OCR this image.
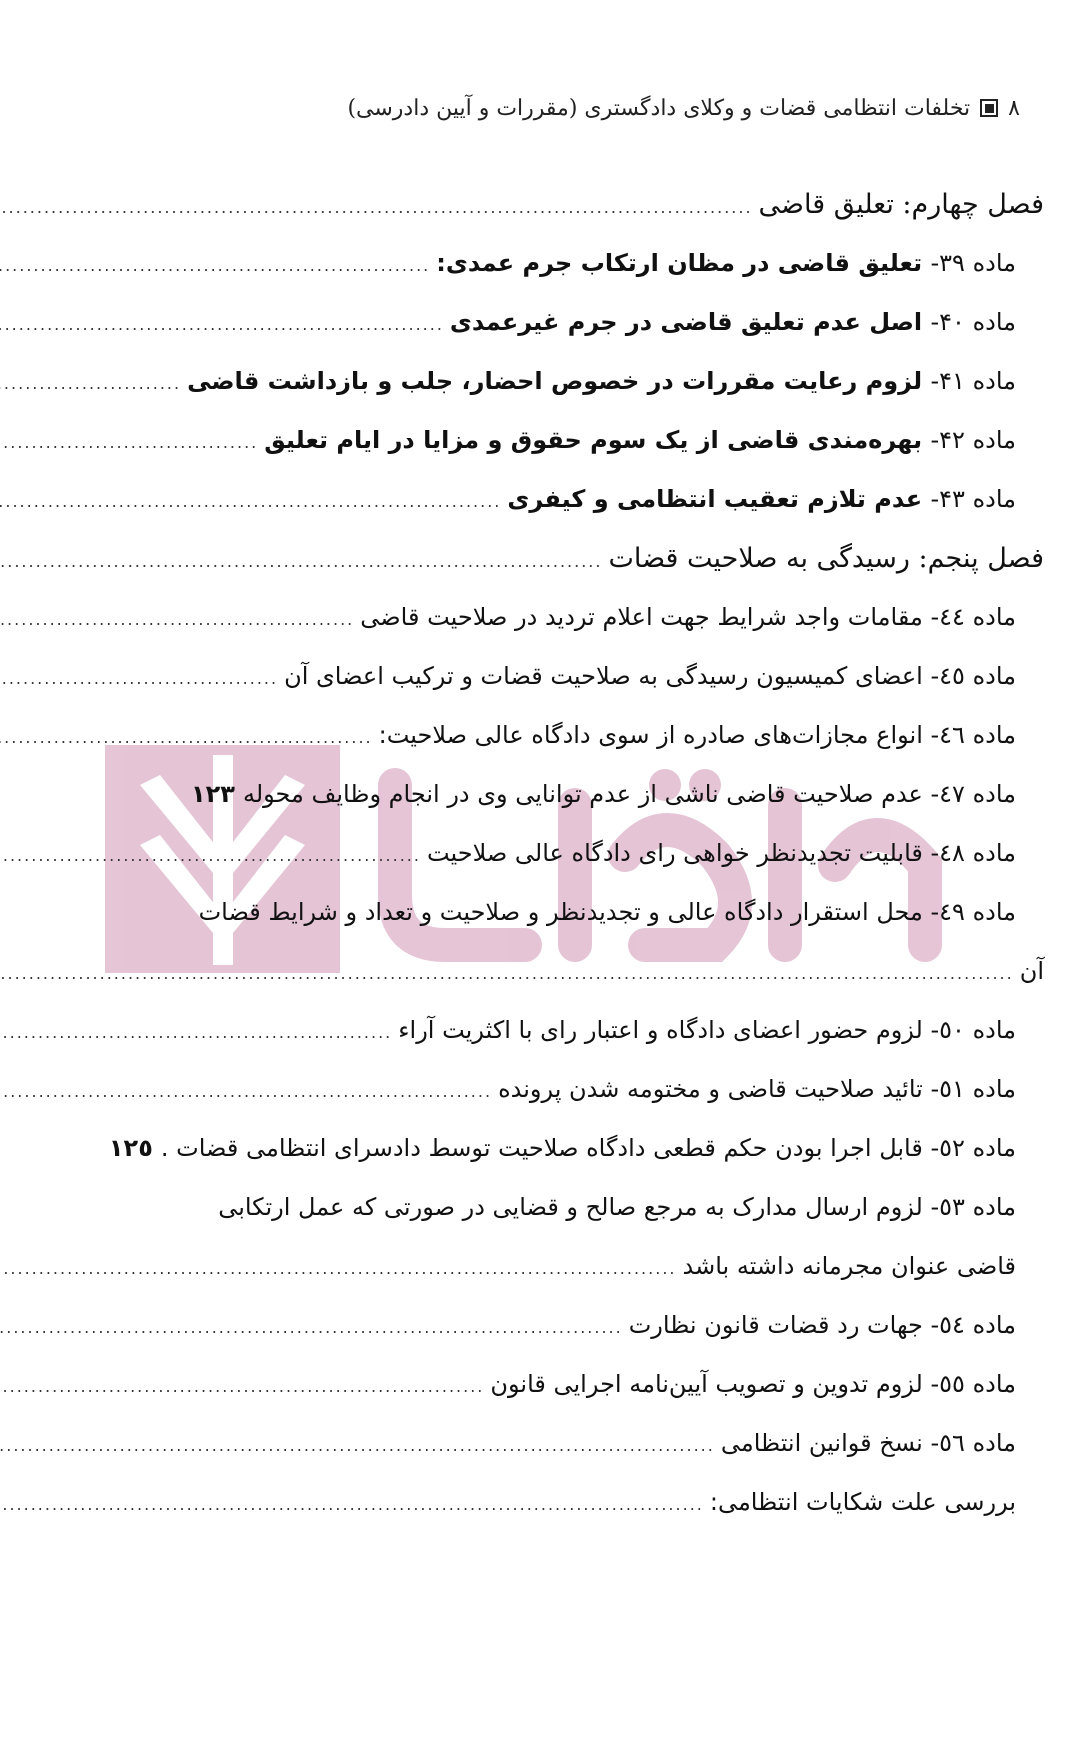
۸
تخلفات انتظامی قضات و وکلای دادگستری (مقررات و آیین دادرسی)
فصل چهارم: تعلیق قاضی
.....
ماده ۳۹- تعلیق قاضی در مظان ارتکاب جرم عمدی:
.....
ماده ۴۰- اصل عدم تعلیق قاضی در جرم غیرعمدی
.....
ماده ۴۱- لزوم رعایت مقررات در خصوص احضار، جلب و بازداشت قاضی
.....
ماده ۴۲- بهره‌مندی قاضی از یک سوم حقوق و مزایا در ایام تعلیق
.....
ماده ۴۳- عدم تلازم تعقیب انتظامی و کیفری
.....
فصل پنجم: رسیدگی به صلاحیت قضات
.....
ماده ٤٤- مقامات واجد شرایط جهت اعلام تردید در صلاحیت قاضی
.....
ماده ٤٥- اعضای کمیسیون رسیدگی به صلاحیت قضات و ترکیب اعضای آن
.....
ماده ٤٦- انواع مجازات‌های صادره از سوی دادگاه عالی صلاحیت:
.....
ماده ٤٧- عدم صلاحیت قاضی ناشی از عدم توانایی وی در انجام وظایف محوله
۱۲۳
ماده ٤٨- قابلیت تجدیدنظر خواهی رای دادگاه عالی صلاحیت
.....
ماده ٤٩- محل استقرار دادگاه عالی و تجدیدنظر و صلاحیت و تعداد و شرایط قضات
آن
.....
ماده ٥٠- لزوم حضور اعضای دادگاه و اعتبار رای با اکثریت آراء
.....
ماده ٥١- تائید صلاحیت قاضی و مختومه شدن پرونده
.....
ماده ٥٢- قابل اجرا بودن حکم قطعی دادگاه صلاحیت توسط دادسرای انتظامی قضات .
۱۲٥
ماده ٥٣- لزوم ارسال مدارک به مرجع صالح و قضایی در صورتی که عمل ارتکابی
قاضی عنوان مجرمانه داشته باشد
.....
ماده ٥٤- جهات رد قضات قانون نظارت
.....
ماده ٥٥- لزوم تدوین و تصویب آیین‌نامه اجرایی قانون
.....
ماده ٥٦- نسخ قوانین انتظامی
.....
بررسی علت شکایات انتظامی:
.....
